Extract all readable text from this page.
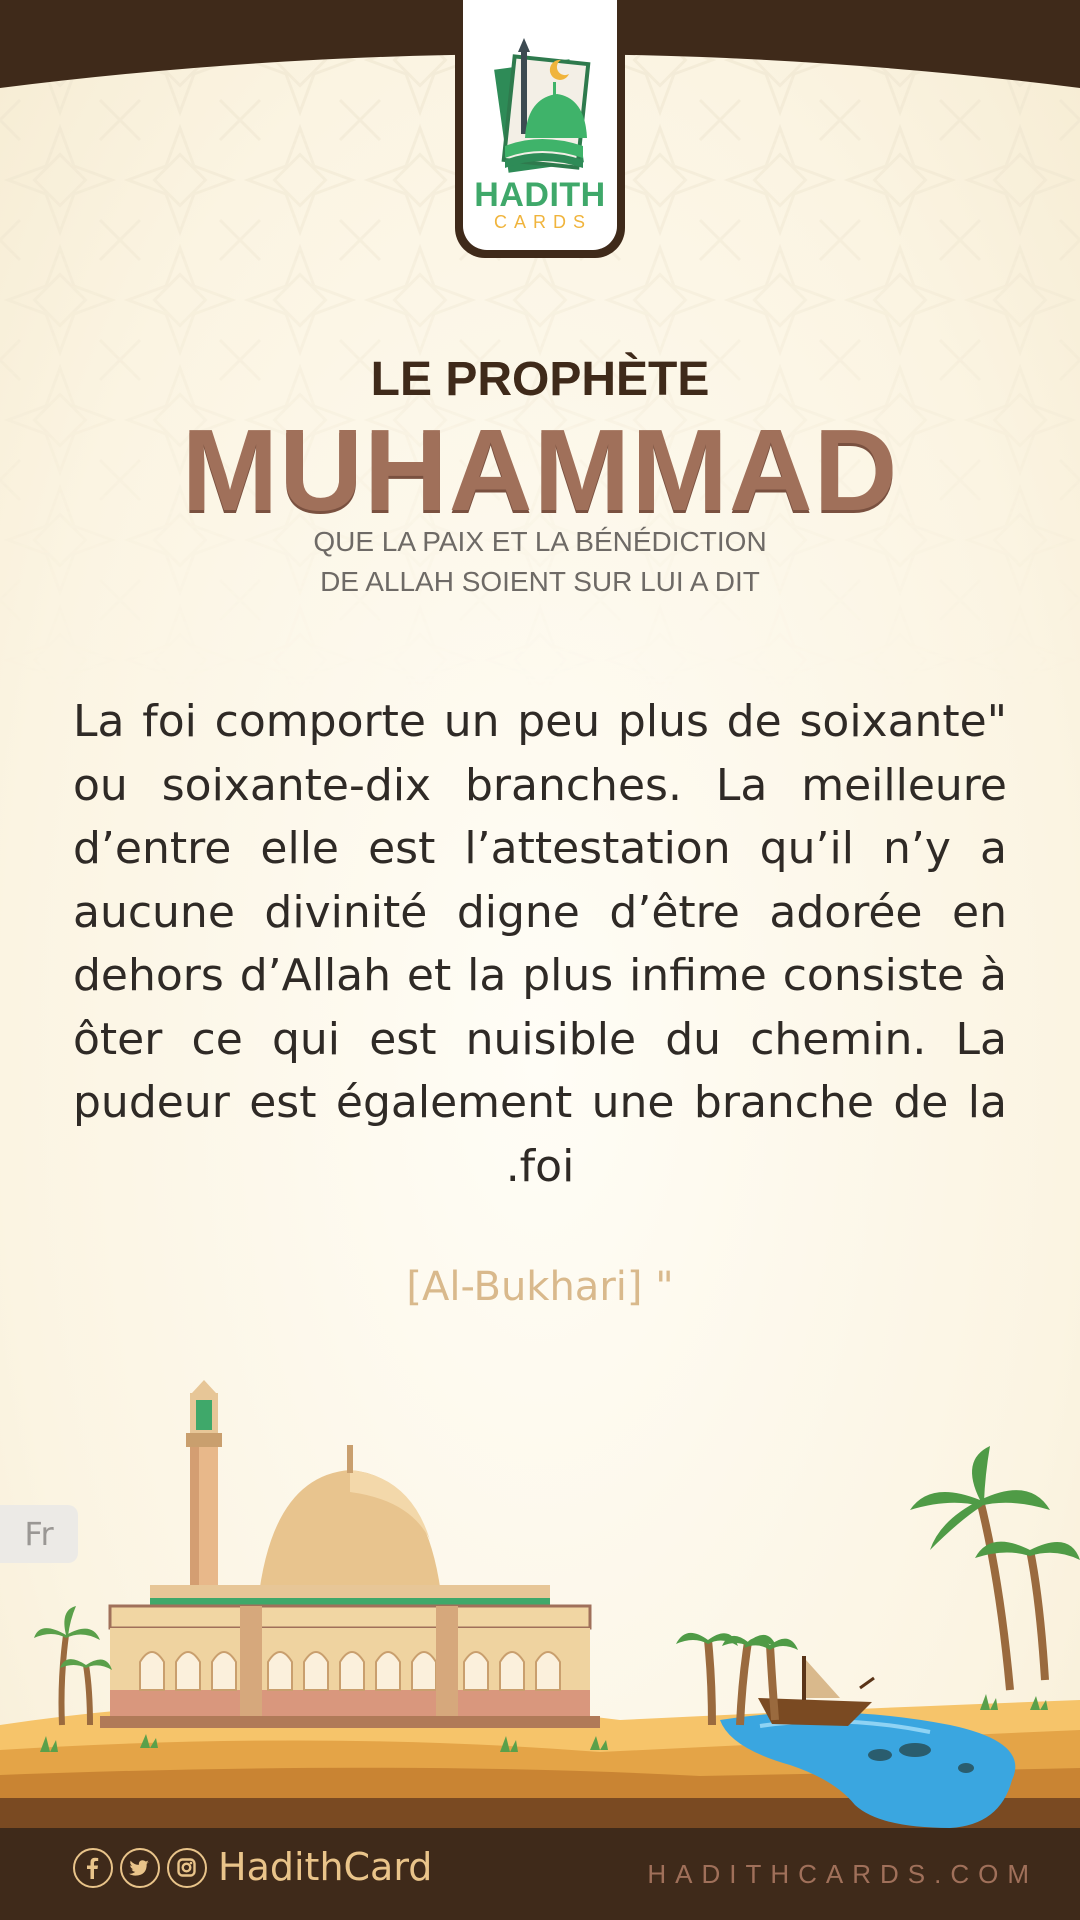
HADITH
CARDS
LE PROPHÈTE
MUHAMMAD
QUE LA PAIX ET LA BÉNÉDICTION
DE ALLAH SOIENT SUR LUI A DIT
La foi comporte un peu plus de soixante" ou soixante-dix branches. La meilleure d’entre elle est l’attestation qu’il n’y a aucune divinité digne d’être adorée en dehors d’Allah et la plus infime consiste à ôter ce qui est nuisible du chemin. La pudeur est également une branche de la .foi
[Al-Bukhari] "
Fr
HadithCard	HADITHCARDS.COM
